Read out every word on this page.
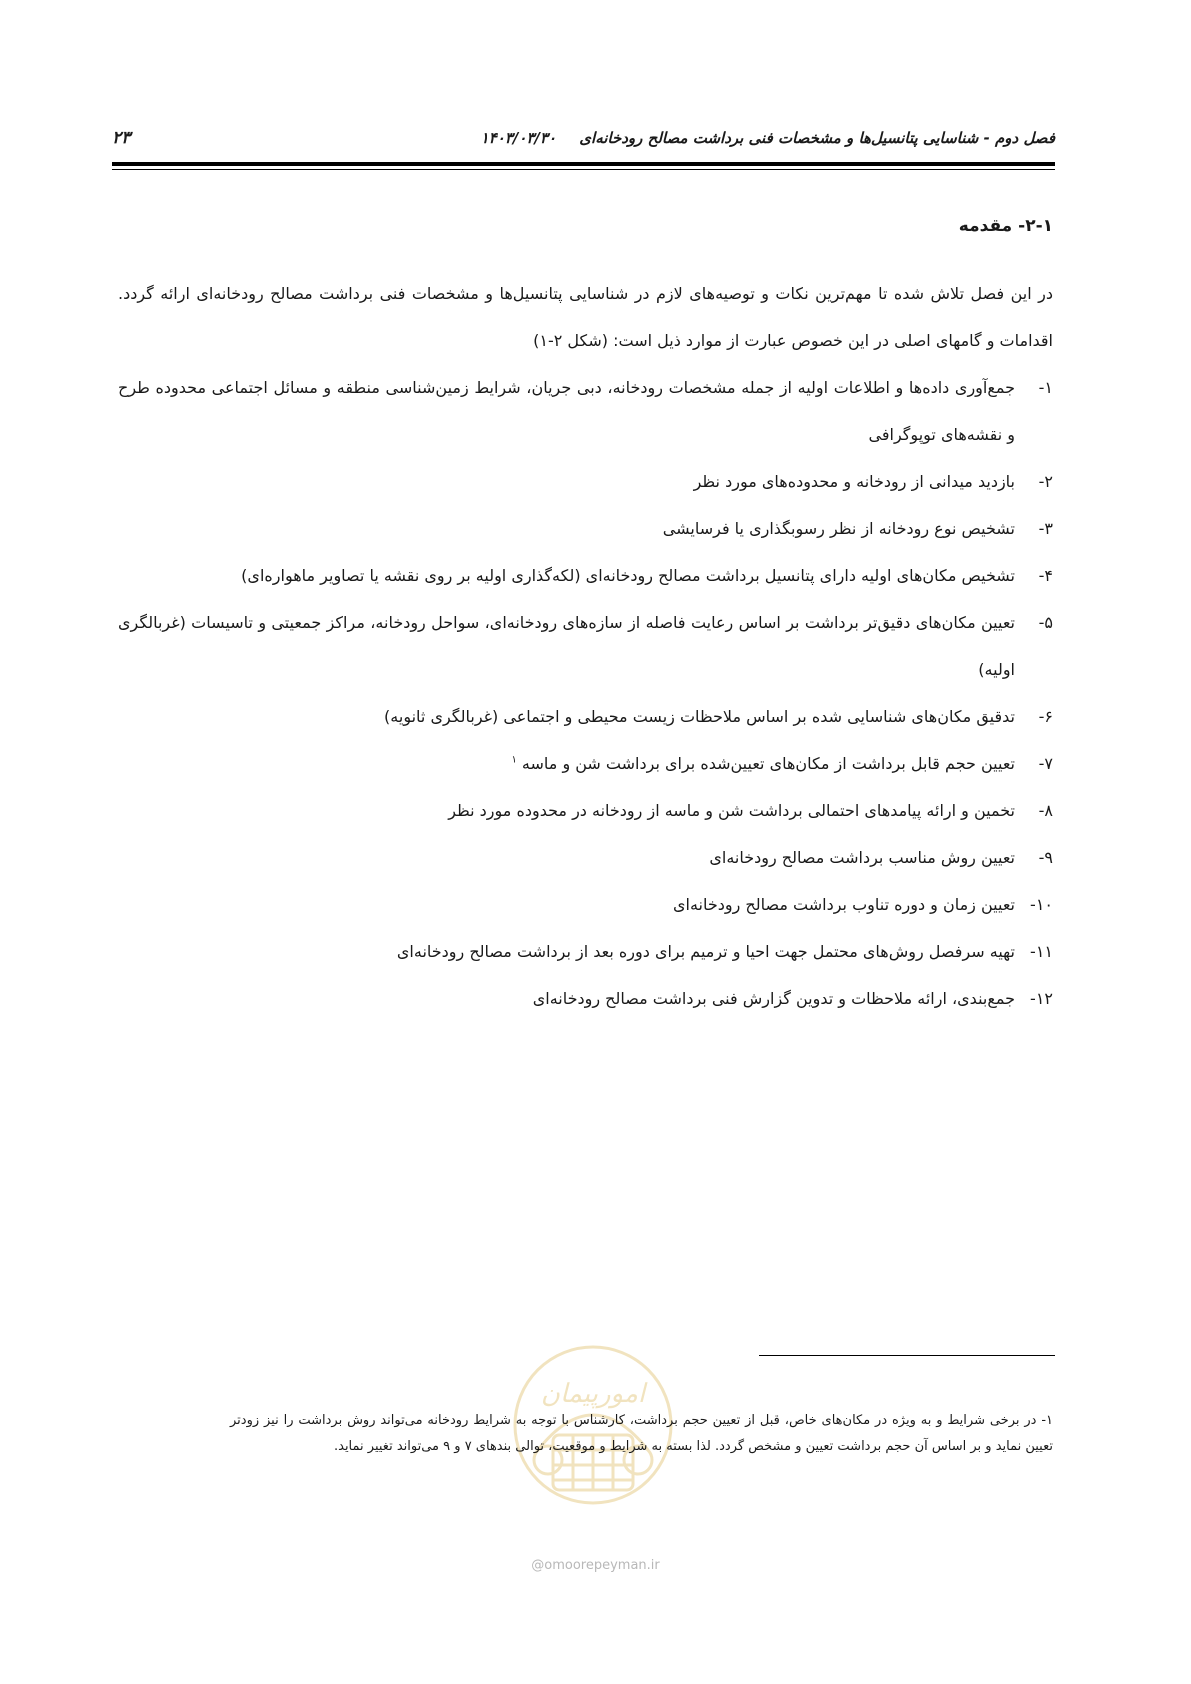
فصل دوم - شناسایی پتانسیل‌ها و مشخصات فنی برداشت مصالح رودخانه‌ای ۱۴۰۳/۰۳/۳۰
۲۳
۲-۱- مقدمه

در این فصل تلاش شده تا مهم‌ترین نکات و توصیه‌های لازم در شناسایی پتانسیل‌ها و مشخصات فنی برداشت مصالح رودخانه‌ای ارائه گردد. اقدامات و گامهای اصلی در این خصوص عبارت از موارد ذیل است: (شکل ۲-۱)

۱-
جمع‌آوری داده‌ها و اطلاعات اولیه از جمله مشخصات رودخانه، دبی جریان، شرایط زمین‌شناسی منطقه و مسائل اجتماعی محدوده طرح و نقشه‌های توپوگرافی
۲-
بازدید میدانی از رودخانه و محدوده‌های مورد نظر
۳-
تشخیص نوع رودخانه از نظر رسوبگذاری یا فرسایشی
۴-
تشخیص مکان‌های اولیه دارای پتانسیل برداشت مصالح رودخانه‌ای (لکه‌گذاری اولیه بر روی نقشه یا تصاویر ماهواره‌ای)
۵-
تعیین مکان‌های دقیق‌تر برداشت بر اساس رعایت فاصله از سازه‌های رودخانه‌ای، سواحل رودخانه، مراکز جمعیتی و تاسیسات (غربالگری اولیه)
۶-
تدقیق مکان‌های شناسایی شده بر اساس ملاحظات زیست محیطی و اجتماعی (غربالگری ثانویه)
۷-
تعیین حجم قابل برداشت از مکان‌های تعیین‌شده برای برداشت شن و ماسه $^۱$
۸-
تخمین و ارائه پیامدهای احتمالی برداشت شن و ماسه از رودخانه در محدوده مورد نظر
۹-
تعیین روش مناسب برداشت مصالح رودخانه‌ای
۱۰-
تعیین زمان و دوره تناوب برداشت مصالح رودخانه‌ای
۱۱-
تهیه سرفصل روش‌های محتمل جهت احیا و ترمیم برای دوره بعد از برداشت مصالح رودخانه‌ای
۱۲-
جمع‌بندی، ارائه ملاحظات و تدوین گزارش فنی برداشت مصالح رودخانه‌ای
امورپیمان
۱- در برخی شرایط و به ویژه در مکان‌های خاص، قبل از تعیین حجم برداشت، کارشناس با توجه به شرایط رودخانه می‌تواند روش برداشت را نیز زودتر تعیین نماید و بر اساس آن حجم برداشت تعیین و مشخص گردد. لذا بسته به شرایط و موقعیت، توالی بندهای ۷ و ۹ می‌تواند تغییر نماید.
@omoorepeyman.ir
